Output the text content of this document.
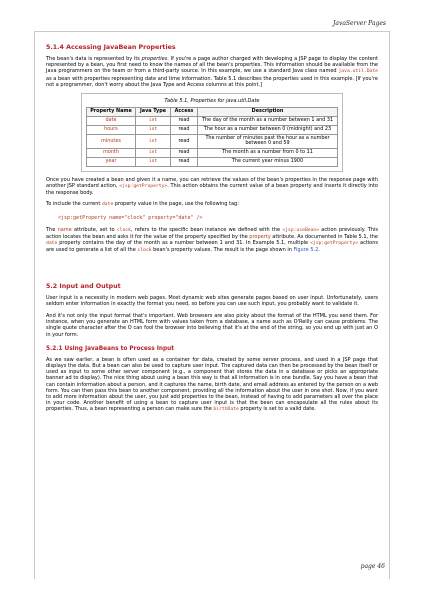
JavaServer Pages
5.1.4 Accessing JavaBean Properties

The bean's data is represented by its properties. If you're a page author charged with developing a JSP page to display the content represented by a bean, you first need to know the names of all the bean's properties. This information should be available from the Java programmers on the team or from a third-party source. In this example, we use a standard Java class named java.util.Date as a bean with properties representing date and time information. Table 5.1 describes the properties used in this example. [If you're not a programmer, don't worry about the Java Type and Access columns at this point.]

Table 5.1, Properties for java.util.Date

Property Name	Java Type	Access	Description
date	int	read	The day of the month as a number between 1 and 31
hours	int	read	The hour as a number between 0 (midnight) and 23
minutes	int	read	The number of minutes past the hour as a number between 0 and 59
month	int	read	The month as a number from 0 to 11
year	int	read	The current year minus 1900

Once you have created a bean and given it a name, you can retrieve the values of the bean's properties in the response page with another JSP standard action, <jsp:getProperty>. This action obtains the current value of a bean property and inserts it directly into the response body.

To include the current date property value in the page, use the following tag:

<jsp:getProperty name="clock" property="date" />

The name attribute, set to clock, refers to the specific bean instance we defined with the <jsp:useBean> action previously. This action locates the bean and asks it for the value of the property specified by the property attribute. As documented in Table 5.1, the date property contains the day of the month as a number between 1 and 31. In Example 5.1, multiple <jsp:getProperty> actions are used to generate a list of all the clock bean's property values. The result is the page shown in Figure 5.2.

5.2 Input and Output

User input is a necessity in modern web pages. Most dynamic web sites generate pages based on user input. Unfortunately, users seldom enter information in exactly the format you need, so before you can use such input, you probably want to validate it.

And it's not only the input format that's important. Web browsers are also picky about the format of the HTML you send them. For instance, when you generate an HTML form with values taken from a database, a name such as O'Reilly can cause problems. The single quote character after the O can fool the browser into believing that it's at the end of the string, so you end up with just an O in your form.

5.2.1 Using JavaBeans to Process Input

As we saw earlier, a bean is often used as a container for data, created by some server process, and used in a JSP page that displays the data. But a bean can also be used to capture user input. The captured data can then be processed by the bean itself or used as input to some other server component (e.g., a component that stores the data in a database or picks an appropriate banner ad to display). The nice thing about using a bean this way is that all information is in one bundle. Say you have a bean that can contain information about a person, and it captures the name, birth date, and email address as entered by the person on a web form. You can then pass this bean to another component, providing all the information about the user in one shot. Now, if you want to add more information about the user, you just add properties to the bean, instead of having to add parameters all over the place in your code. Another benefit of using a bean to capture user input is that the bean can encapsulate all the rules about its properties. Thus, a bean representing a person can make sure the birthDate property is set to a valid date.

page 46
